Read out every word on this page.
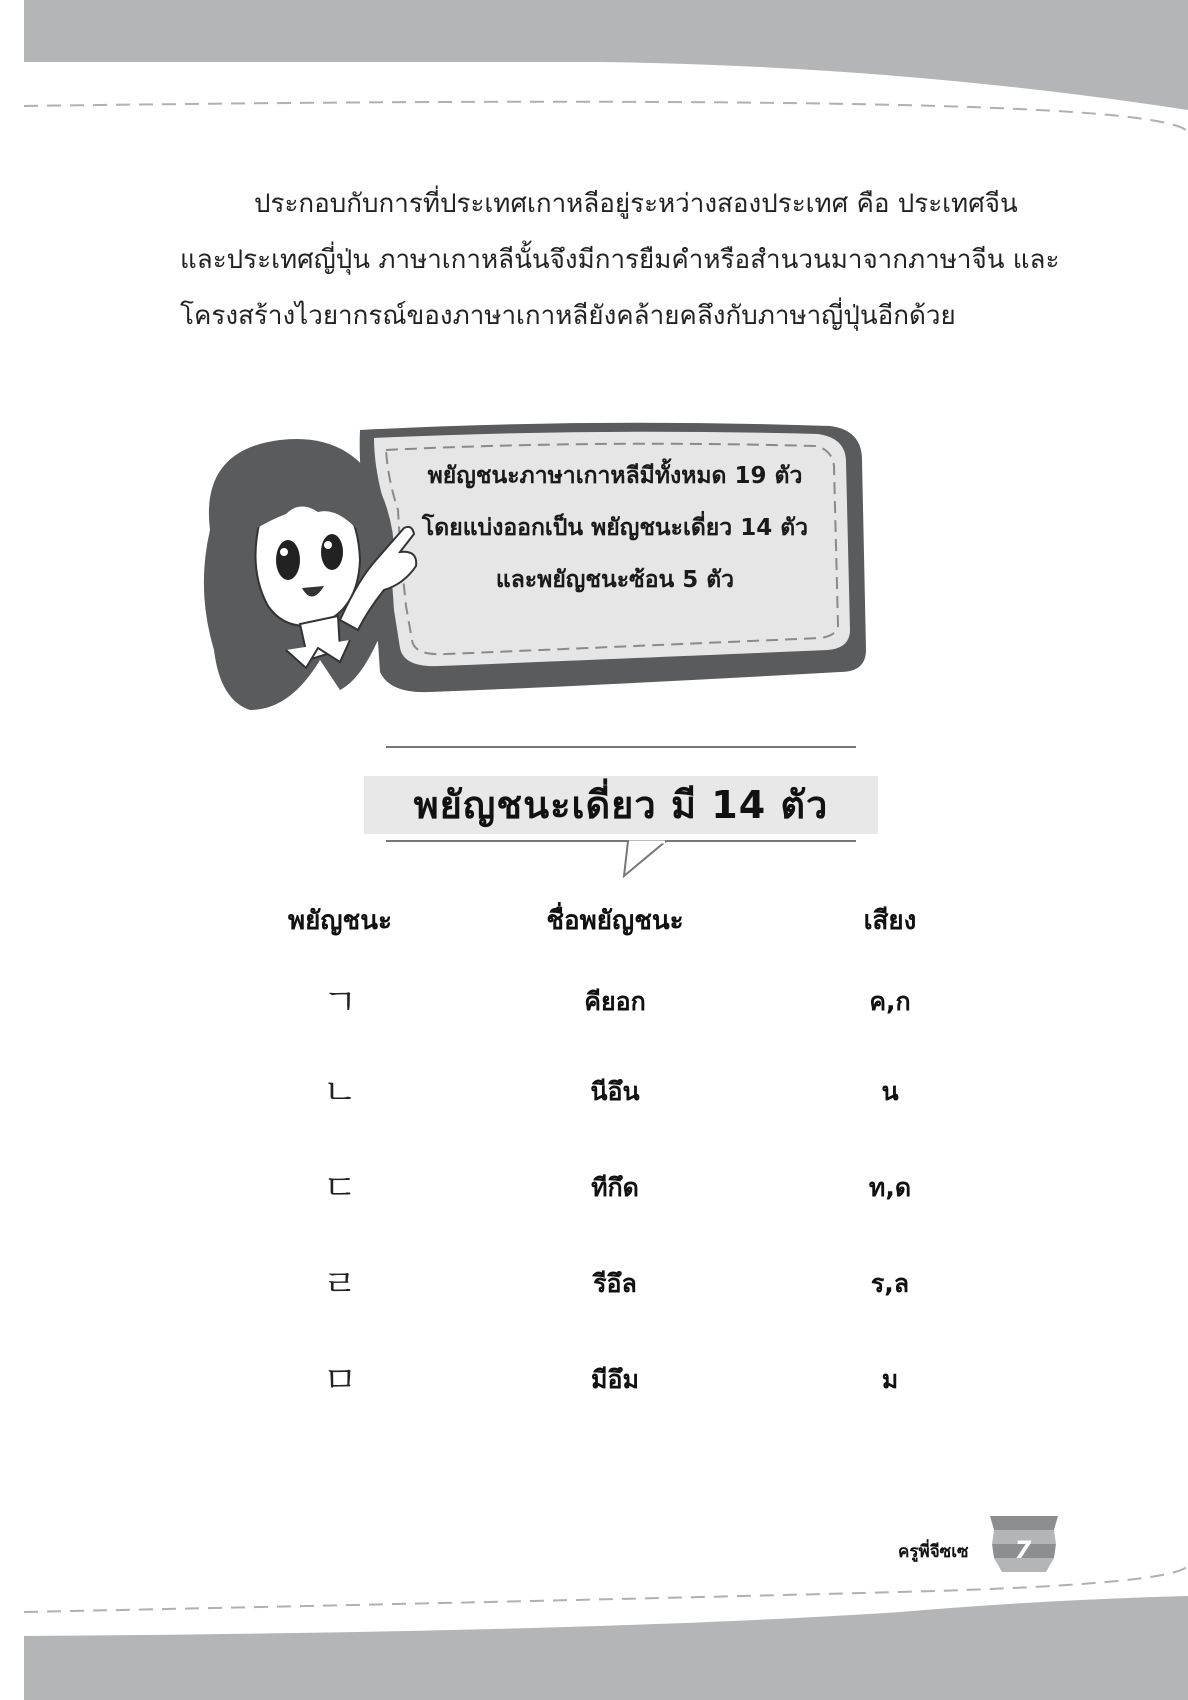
ประกอบกับการที่ประเทศเกาหลีอยู่ระหว่างสองประเทศ คือ ประเทศจีน

และประเทศญี่ปุ่น ภาษาเกาหลีนั้นจึงมีการยืมคำหรือสำนวนมาจากภาษาจีน และ
โครงสร้างไวยากรณ์ของภาษาเกาหลียังคล้ายคลึงกับภาษาญี่ปุ่นอีกด้วย
พยัญชนะภาษาเกาหลีมีทั้งหมด 19 ตัว
โดยแบ่งออกเป็น พยัญชนะเดี่ยว 14 ตัว
และพยัญชนะซ้อน 5 ตัว
พยัญชนะเดี่ยว มี 14 ตัว
พยัญชนะ	ชื่อพยัญชนะ	เสียง
ㄱ	คียอก	ค,ก
ㄴ	นีอึน	น
ㄷ	ทีกึด	ท,ด
ㄹ	รีอึล	ร,ล
ㅁ	มีอึม	ม
ครูพี่จีซเซ	7
